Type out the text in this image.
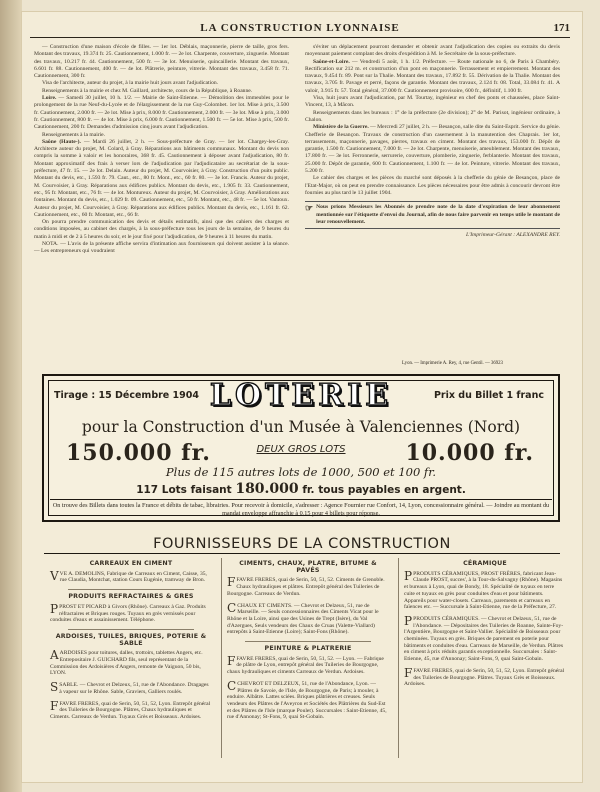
LA CONSTRUCTION LYONNAISE	171

— Construction d'une maison d'école de filles. — 1er lot. Déblais, maçonnerie, pierre de taille, gros fers. Montant des travaux, 19.374 fr. 25. Cautionnement, 1.000 fr. — 2e lot. Charpente, couverture, zinguerie. Montant des travaux, 10.217 fr. 44. Cautionnement, 500 fr. — 3e lot. Menuiserie, quincaillerie. Montant des travaux, 6.601 fr. 88. Cautionnement, 400 fr. — 4e lot. Plâtrerie, peinture, vitrerie. Montant des travaux, 3.458 fr. 71. Cautionnement, 300 fr.

Visa de l'architecte, auteur du projet, à la mairie huit jours avant l'adjudication.

Renseignements à la mairie et chez M. Gaillard, architecte, cours de la République, à Roanne.

Loire. — Samedi 30 juillet, 10 h. 1/2. — Mairie de Saint-Etienne. — Démolition des immeubles pour le prolongement de la rue Neuf-du-Lycée et de l'élargissement de la rue Guy-Colombet. 1er lot. Mise à prix, 3.500 fr. Cautionnement, 2.000 fr. — 2e lot. Mise à prix, 8.000 fr. Cautionnement, 2.000 fr. — 3e lot. Mise à prix, 3.000 fr. Cautionnement, 800 fr. — 4e lot. Mise à prix, 6.000 fr. Cautionnement, 1.500 fr. — 5e lot. Mise à prix, 500 fr. Cautionnement, 200 fr. Demandes d'admission cinq jours avant l'adjudication.

Renseignements à la mairie.

Saône (Haute-). — Mardi 26 juillet, 2 h. — Sous-préfecture de Gray. — 1er lot. Chargey-les-Gray. Architecte auteur du projet, M. Colard, à Gray. Réparations aux bâtiments communaux. Montant du devis non compris la somme à valoir et les honoraires, 368 fr. 45. Cautionnement à déposer avant l'adjudication, 80 fr. Montant approximatif des frais à verser lors de l'adjudication par l'adjudicataire au secrétariat de la sous-préfecture, 47 fr. 15. — 2e lot. Delain. Auteur du projet, M. Courvoisier, à Gray. Construction d'un puits public. Montant du devis, etc., 1.593 fr. 79. Caut., etc., 80 fr. Mont., etc., 60 fr. 80. — 3e lot. Francis. Auteur du projet, M. Courvoisier, à Gray. Réparations aux édifices publics. Montant du devis, etc., 1.905 fr. 33. Cautionnement, etc., 95 fr. Montant, etc., 76 fr. — 4e lot. Montureux. Auteur du projet, M. Courvoisier, à Gray. Améliorations aux fontaines. Montant du devis, etc., 1.029 fr. 09. Cautionnement, etc., 50 fr. Montant, etc., 48 fr. — 5e lot. Vantoux. Auteur du projet, M. Courvoisier, à Gray. Réparations aux édifices publics. Montant du devis, etc., 1.161 fr. 62. Cautionnement, etc., 60 fr. Montant, etc., 66 fr.

On pourra prendre communication des devis et détails estimatifs, ainsi que des cahiers des charges et conditions imposées, au cabinet des chargés, à la sous-préfecture tous les jours de la semaine, de 9 heures du matin à midi et de 2 à 5 heures du soir, et le jour fixé pour l'adjudication, de 9 heures à 11 heures du matin.

NOTA. — L'avis de la présente affiche servira d'intimation aux fournisseurs qui doivent assister à la séance. — Les entrepreneurs qui voudraient

s'éviter un déplacement pourront demander et obtenir avant l'adjudication des copies ou extraits du devis moyennant paiement complant des droits d'expédition à M. le Secrétaire de la sous-préfecture.

Saône-et-Loire. — Vendredi 5 août, 1 h. 1/2. Préfecture. — Route nationale no 6, de Paris à Chambéry. Rectification sur 212 m. et construction d'un pont en maçonnerie. Terrassement et empierrement. Montant des travaux, 9.454 fr. 89. Pont sur la Thalie. Montant des travaux, 17.892 fr. 55. Dérivation de la Thalie. Montant des travaux, 3.705 fr. Pavage et perré, façons de garantie. Montant des travaux, 2.124 fr. 08. Total, 33.084 fr. 41. A valoir, 3.915 fr. 57. Total général, 37.000 fr. Cautionnement provisoire, 600 fr., définitif, 1.100 fr.

Visa, huit jours avant l'adjudication, par M. Tourtay, ingénieur en chef des ponts et chaussées, place Saint-Vincent, 13, à Mâcon.

Renseignements dans les bureaux : 1° de la préfecture (2e division); 2° de M. Parisot, ingénieur ordinaire, à Chalon.

Ministère de la Guerre. — Mercredi 27 juillet, 2 h. — Besançon, salle dite du Saint-Esprit. Service du génie. Chefferie de Besançon. Travaux de construction d'un casernement à la manutention des Chaprais. 1er lot, terrassements, maçonnerie, pavages, pierres, travaux en ciment. Montant des travaux, 153.000 fr. Dépôt de garantie, 1.500 fr. Cautionnement, 7.000 fr. — 2e lot. Charpente, menuiserie, ameublement. Montant des travaux, 17.800 fr. — 3e lot. Ferronnerie, serrurerie, couverture, plomberie, zinguerie, ferblanterie. Montant des travaux, 25.000 fr. Dépôt de garantie, 600 fr. Cautionnement, 1.100 fr. — 4e lot. Peinture, vitrerie. Montant des travaux, 5.200 fr.

Le cahier des charges et les pièces du marché sont déposés à la chefferie du génie de Besançon, place de l'Etat-Major, où on peut en prendre connaissance. Les pièces nécessaires pour être admis à concourir devront être fournies au plus tard le 13 juillet 1904.

☞ Nous prions Messieurs les Abonnés de prendre note de la date d'expiration de leur abonnement mentionnée sur l'étiquette d'envoi du Journal, afin de nous faire parvenir en temps utile le montant de leur renouvellement.
L'Imprimeur-Gérant : ALEXANDRE REY.
Lyon. — Imprimerie A. Rey, 4, rue Gentil. — 36923
Tirage : 15 Décembre 1904 LOTERIE	Prix du Billet 1 franc
pour la Construction d'un Musée à Valenciennes (Nord)
150.000 fr.	DEUX GROS LOTS	10.000 fr.
Plus de 115 autres lots de 1000, 500 et 100 fr.
117 Lots faisant 180.000 fr. tous payables en argent.
On trouve des Billets dans toutes la France et débits de tabac, librairies. Pour recevoir à domicile, s'adresser : Agence Fournier rue Confort, 14, Lyon, concessionnaire général. — Joindre au montant du mandat enveloppe affranchie à 0,15 pour 4 billets pour réponse.
FOURNISSEURS DE LA CONSTRUCTION
CARREAUX EN CIMENT
VVE A. DEMOLINS, Fabrique de Carreaux en Ciment, Caisse, 35, rue Claudia, Montchat, station Cours Eugénie, tramway de Bron.
PRODUITS REFRACTAIRES & GRES
PPROST ET PICARD à Givors (Rhône). Carreaux à Gaz. Produits réfractaires et Briques rouges. Tuyaux en grès vernissés pour conduites d'eaux et assainissement. Téléphone.
ARDOISES, TUILES, BRIQUES, POTERIE & SABLE
AARDOISES pour toitures, dalles, trottoirs, tablettes Angers, etc. Entrepositaire J. GUICHARD fils, seul représentant de la Commission des Ardoisières d'Angers, remonte de Vaiguon, 50 bis, LYON.
SSABLE. — Chevrot et Delzeux, 51, rue de l'Abondance. Dragages à vapeur sur le Rhône. Sable, Graviers, Galliers roulés.
FFAVRE FRERES, quai de Serin, 50, 51, 52, Lyon. Entrepôt général des Tuileries de Bourgogne. Plâtres, Chaux hydrauliques et Ciments. Carreaux de Verdun. Tuyaux Grès et Boisseaux. Ardoises.
CIMENTS, CHAUX, PLATRE, BITUME & PAVÉS
FFAVRE FRERES, quai de Serin, 50, 51, 52. Ciments de Grenoble. Chaux hydrauliques et plâtres. Entrepôt général des Tuileries de Bourgogne. Carreaux de Verdun.
CCHAUX ET CIMENTS. — Chevrot et Delzeux, 51, rue de Marseille. — Seuls concessionnaires des Ciments Vicat pour le Rhône et la Loire, ainsi que des Usines de Trept (Isère), du Val d'Azergues, Seuls vendeurs des Chaux de Cruas (Valette-Viallard) entrepôts à Saint-Etienne (Loire); Saint-Fons (Rhône).
PEINTURE & PLATRERIE
FFAVRE FRERES, quai de Serin, 50, 51, 52. — Lyon. — Fabrique de plâtre de Lyon, entrepôt général des Tuileries de Bourgogne, chaux hydrauliques et ciments Carreaux de Verdun. Ardoises.
CCHEVROT ET DELZEUX, 51, rue de l'Abondance, Lyon. — Plâtres de Savoie, de l'Isle, de Bourgogne, de Paris; à mouler, à enduire. Albâtre. Lattes sciées. Briques plâtrières et creuses. Seuls vendeurs des Plâtres de l'Aveyron et Sociétés des Plâtrières du Sud-Est et des Plâtres de l'Isle (marque Poulet). Succursales : Saint-Etienne, 45, rue d'Annonay; St-Fons, 9, quai St-Gobain.
CÉRAMIQUE
PPRODUITS CÉRAMIQUES, PROST FRÈRES, fabricant Jean-Claude PROST, succes', à la Tour-du-Salvagny (Rhône). Magasins et bureaux à Lyon, quai de Bondy, 18. Spécialité de tuyaux en terre cuite et tuyaux en grès pour conduites d'eau et pour bâtiments. Appareils pour water-closets. Carreaux, parements et carreaux en faïences etc. — Succursale à Saint-Etienne, rue de la Préfecture, 27.
PPRODUITS CÉRAMIQUES. — Chevrot et Delzeux, 51, rue de l'Abondance. — Dépositaires des Tuileries de Roanne, Sainte-Foy-l'Argentière, Bourgogne et Saint-Vallier. Spécialité de Boisseaux pour cheminées. Tuyaux en grès. Briques de parement en poterie pour bâtiments et conduites d'eau. Carreaux de Marseille, de Verdun. Plâtres en ciment à prix réduits garantis exceptionnelle. Succursales : Saint-Etienne, 45, rue d'Annonay; Saint-Fons, 9, quai Saint-Gobain.
FFAVRE FRERES, quai de Serin, 50, 51, 52, Lyon. Entrepôt général des Tuileries de Bourgogne. Plâtres. Tuyaux Grès et Boisseaux. Ardoises.
